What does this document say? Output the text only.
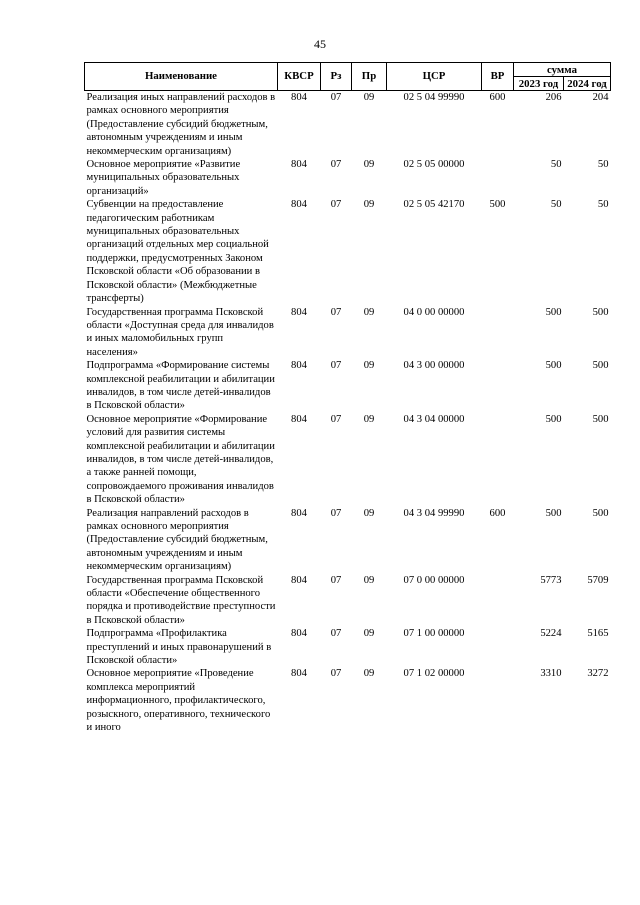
45
Наименование	КВСР	Рз	Пр	ЦСР	ВР	сумма	
						2023 год	2024 год
Реализация иных направлений расходов в рамках основного мероприятия (Предоставление субсидий бюджетным, автономным учреждениям и иным некоммерческим организациям)	804	07	09	02 5 04 99990	600	206	204
Основное мероприятие «Развитие муниципальных образовательных организаций»	804	07	09	02 5 05 00000		50	50
Субвенции на предоставление педагогическим работникам муниципальных образовательных организаций отдельных мер социальной поддержки, предусмотренных Законом Псковской области «Об образовании в Псковской области» (Межбюджетные трансферты)	804	07	09	02 5 05 42170	500	50	50
Государственная программа Псковской области «Доступная среда для инвалидов и иных маломобильных групп населения»	804	07	09	04 0 00 00000		500	500
Подпрограмма «Формирование системы комплексной реабилитации и абилитации инвалидов, в том числе детей-инвалидов в Псковской области»	804	07	09	04 3 00 00000		500	500
Основное мероприятие «Формирование условий для развития системы комплексной реабилитации и абилитации инвалидов, в том числе детей-инвалидов, а также ранней помощи, сопровождаемого проживания инвалидов в Псковской области»	804	07	09	04 3 04 00000		500	500
Реализация направлений расходов в рамках основного мероприятия (Предоставление субсидий бюджетным, автономным учреждениям и иным некоммерческим организациям)	804	07	09	04 3 04 99990	600	500	500
Государственная программа Псковской области «Обеспечение общественного порядка и противодействие преступности в Псковской области»	804	07	09	07 0 00 00000		5773	5709
Подпрограмма «Профилактика преступлений и иных правонарушений в Псковской области»	804	07	09	07 1 00 00000		5224	5165
Основное мероприятие «Проведение комплекса мероприятий информационного, профилактического, розыскного, оперативного, технического и иного	804	07	09	07 1 02 00000		3310	3272
